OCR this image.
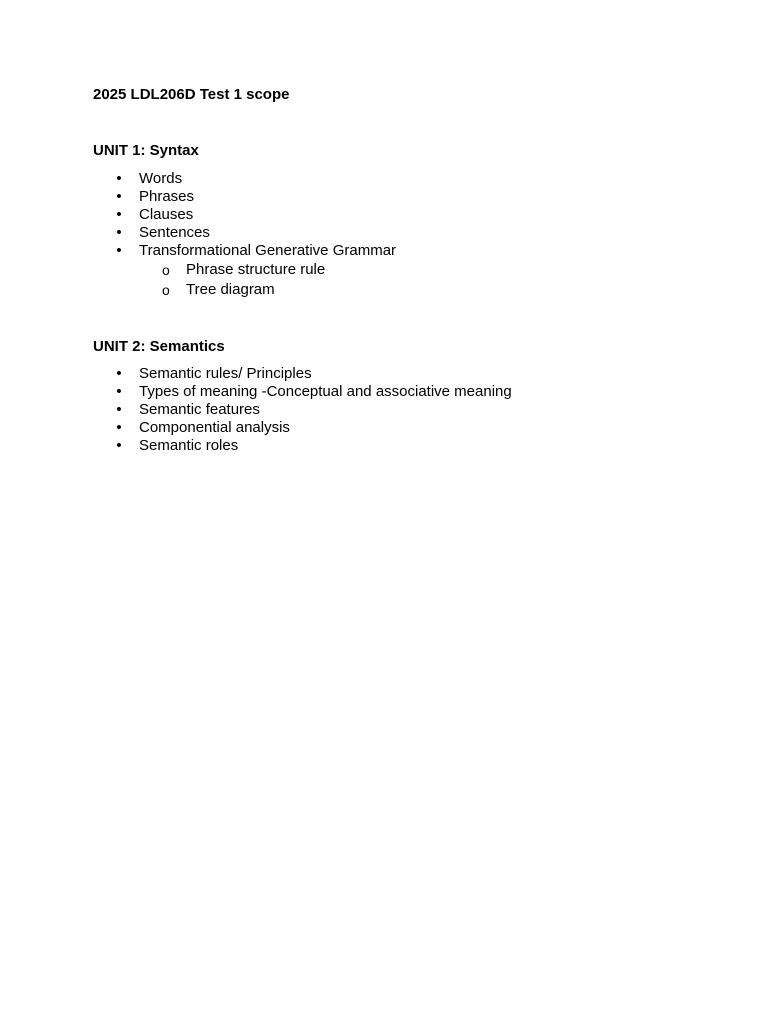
2025 LDL206D Test 1 scope

UNIT 1: Syntax

• Words
• Phrases
• Clauses
• Sentences
• Transformational Generative Grammar
o Phrase structure rule
o Tree diagram

UNIT 2: Semantics

• Semantic rules/ Principles
• Types of meaning -Conceptual and associative meaning
• Semantic features
• Componential analysis
• Semantic roles
